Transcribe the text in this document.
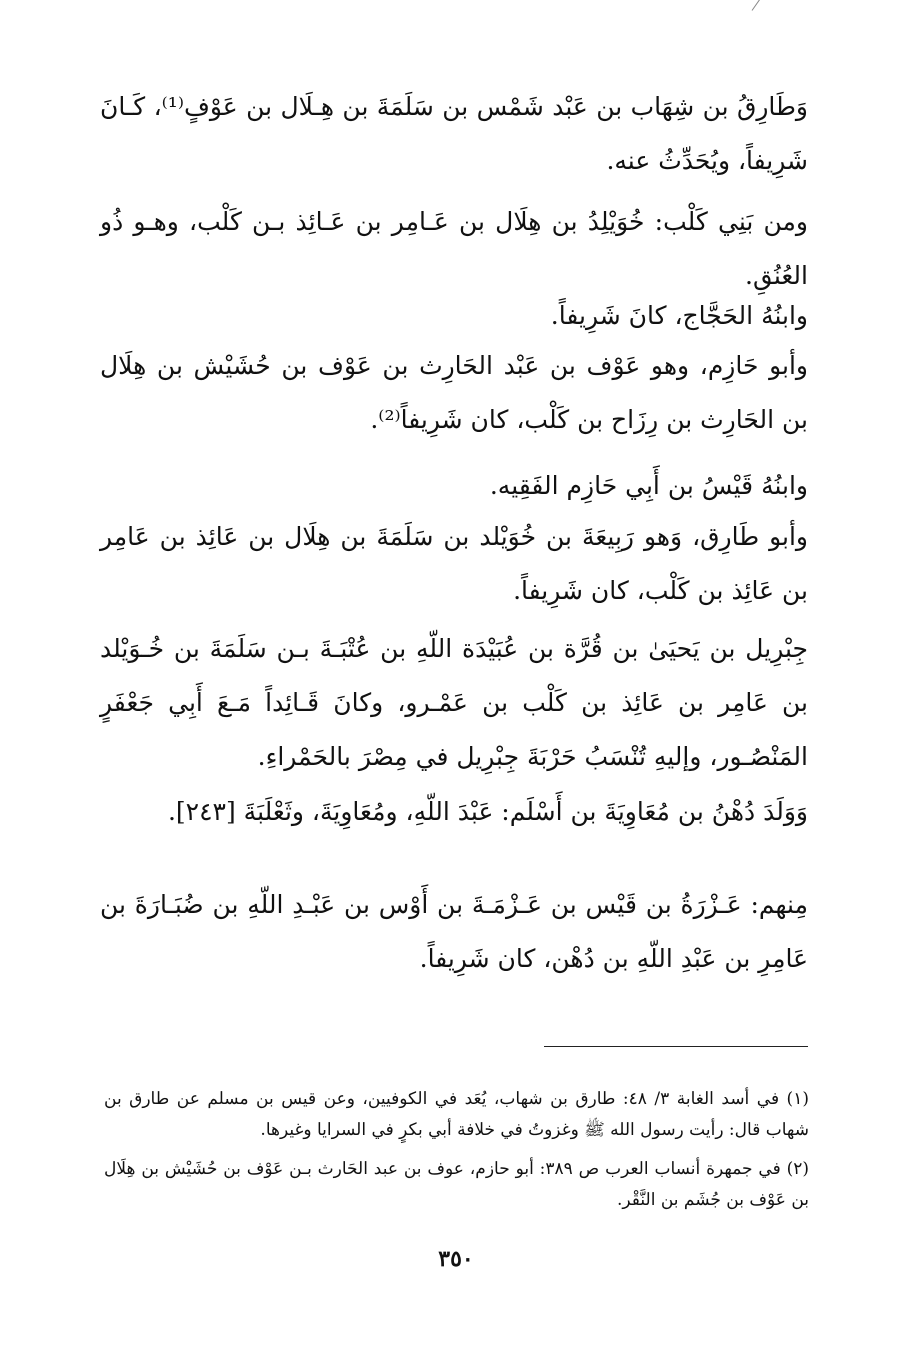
وَطَارِقُ بن شِهَاب بن عَبْد شَمْس بن سَلَمَةَ بن هِـلَال بن عَوْفٍ⁽¹⁾، كَـانَ شَرِيفاً، ويُحَدِّثُ عنه.

ومن بَنِي كَلْب: خُوَيْلِدُ بن هِلَال بن عَـامِر بن عَـائِذ بـن كَلْب، وهـو ذُو العُنُقِ.

وابنُهُ الحَجَّاج، كانَ شَرِيفاً.

وأبو حَازِم، وهو عَوْف بن عَبْد الحَارِث بن عَوْف بن حُشَيْش بن هِلَال بن الحَارِث بن رِزَاح بن كَلْب، كان شَرِيفاً⁽²⁾.

وابنُهُ قَيْسُ بن أَبِي حَازِم الفَقِيه.

وأبو طَارِق، وَهو رَبِيعَةَ بن خُوَيْلد بن سَلَمَةَ بن هِلَال بن عَائِذ بن عَامِر بن عَائِذ بن كَلْب، كان شَرِيفاً.

جِبْرِيل بن يَحيَىٰ بن قُرَّة بن عُبَيْدَة اللّهِ بن عُتْبَـةَ بـن سَلَمَةَ بن خُـوَيْلد بن عَامِر بن عَائِذ بن كَلْب بن عَمْـرو، وكانَ قَـائِداً مَـعَ أَبِي جَعْفَرٍ المَنْصُـور، وإليهِ تُنْسَبُ حَرْبَةَ جِبْرِيل في مِصْرَ بالحَمْراءِ.

وَوَلَدَ دُهْنُ بن مُعَاوِيَةَ بن أَسْلَم: عَبْدَ اللّهِ، ومُعَاوِيَةَ، وثَعْلَبَةَ [٢٤٣].

مِنهم: عَـزْرَةُ بن قَيْس بن عَـزْمَـةَ بن أَوْس بن عَبْـدِ اللّهِ بن ضُبَـارَةَ بن عَامِرِ بن عَبْدِ اللّهِ بن دُهْن، كان شَرِيفاً.

(١) في أسد الغابة ٣/ ٤٨: طارق بن شهاب، يُعَد في الكوفيين، وعن قيس بن مسلم عن طارق بن شهاب قال: رأيت رسول الله ﷺ وغزوتُ في خلافة أبي بكرٍ في السرايا وغيرها.

(٢) في جمهرة أنساب العرب ص ٣٨٩: أبو حازم، عوف بن عبد الحَارث بـن عَوْف بن حُشَيْش بن هِلَال بن عَوْف بن جُشَم بن النَّقْر.

٣٥٠
